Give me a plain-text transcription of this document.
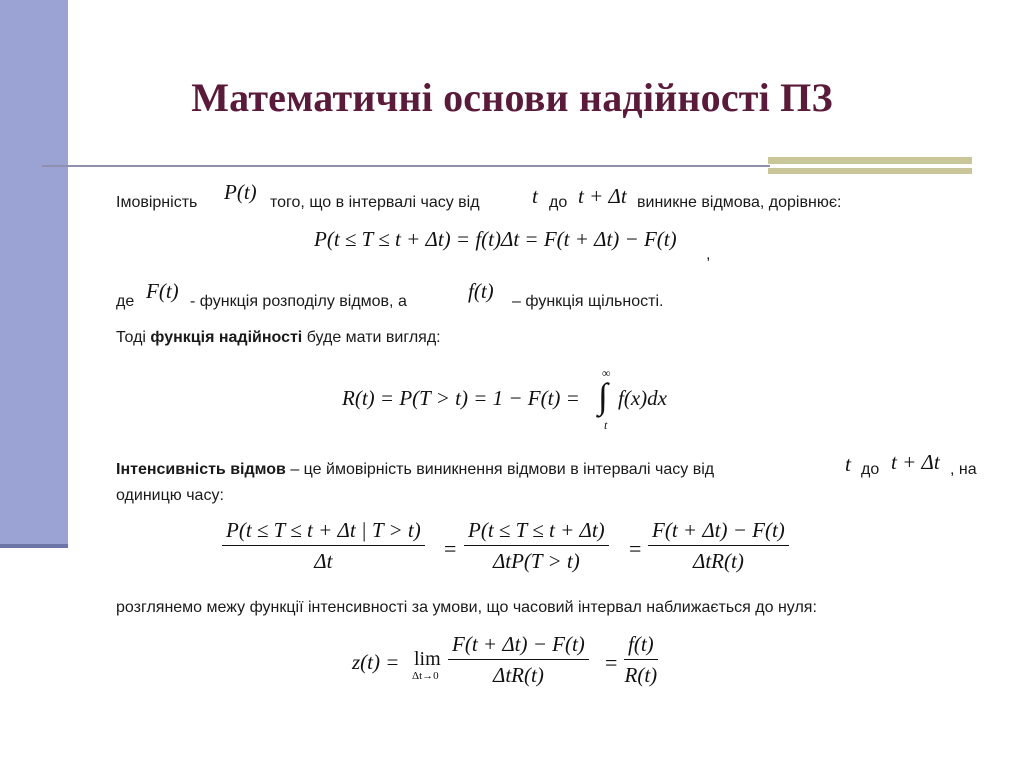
Математичні основи надійності ПЗ
Імовірність P(t) того, що в інтервалі часу від t до t + Δt виникне відмова, дорівнює:
P(t ≤ T ≤ t + Δt) = f(t)Δt = F(t + Δt) − F(t)
,
де F(t) - функція розподілу відмов, а	f(t) – функція щільності.
Тоді функція надійності буде мати вигляд:
R(t) = P(T > t) = 1 − F(t) = ∫
∞
t
f(x)dx
Інтенсивність відмов – це ймовірність виникнення відмови в інтервалі часу від	t до t + Δt , на
одиницю часу:
$\frac{P(t \le T \le t + \Delta t | T > t)}{\Delta t}$ =
P(t ≤ T ≤ t + Δt)
ΔtP(T > t)	=
F(t + Δt) − F(t)
ΔtR(t)
розглянемо межу функції інтенсивності за умови, що часовий інтервал наближається до нуля:
z(t) = lim
Δt→0
F(t + Δt) − F(t)
ΔtR(t)	= $\frac{f(t)}{R(t)}$
